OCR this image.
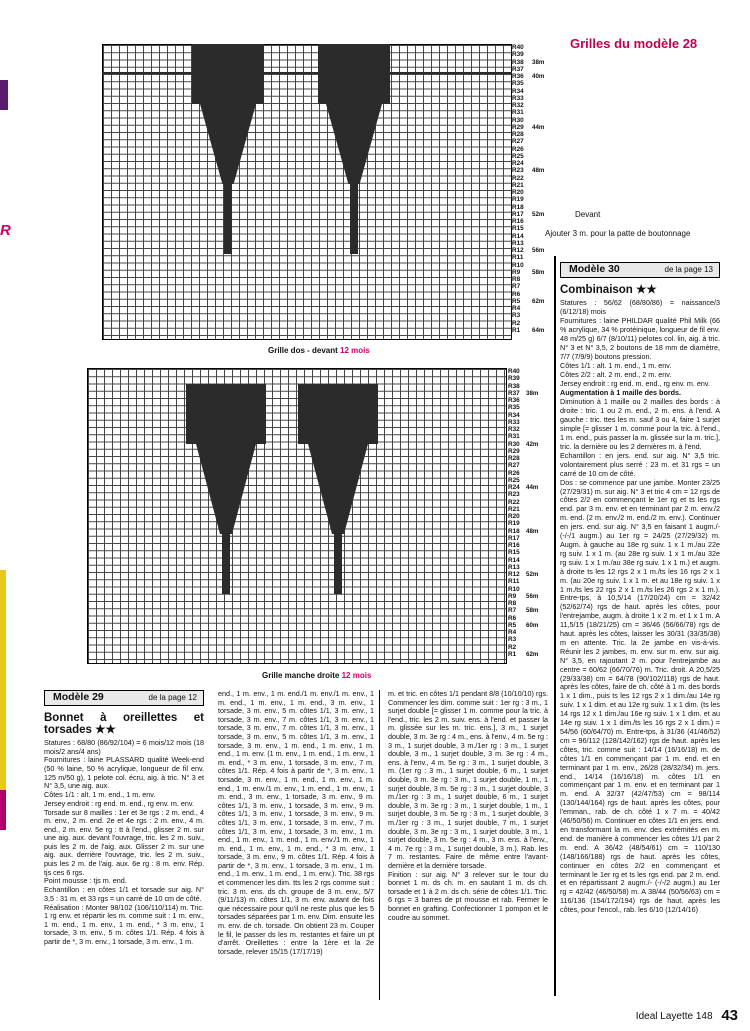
R
Grilles du modèle 28
R40
R39
R38
R37
R36
R35
R34
R33
R32
R31
R30
R29
R28
R27
R26
R25
R24
R23
R22
R21
R20
R19
R18
R17
R16
R15
R14
R13
R12
R11
R10
R9
R8
R7
R6
R5
R4
R3
R2
R1
38m
40m
44m
48m
52m
56m
58m
62m
64m
Devant
Ajouter 3 m. pour la patte de boutonnage
Grille dos - devant 12 mois
R40
R39
R38
R37
R36
R35
R34
R33
R32
R31
R30
R29
R28
R27
R26
R25
R24
R23
R22
R21
R20
R19
R18
R17
R16
R15
R14
R13
R12
R11
R10
R9
R8
R7
R6
R5
R4
R3
R2
R1
38m
42m
44m
48m
52m
56m
58m
60m
62m
Grille manche droite 12 mois
Modèle 29	de la page 12
Bonnet à oreillettes et torsades ★★

Statures : 68/80 (86/92/104) = 6 mois/12 mois (18 mois/2 ans/4 ans)

Fournitures : laine PLASSARD qualité Week-end (50 % laine, 50 % acrylique, longueur de fil env. 125 m/50 g), 1 pelote col. écru, aig. à tric. N° 3 et N° 3,5, une aig. aux.

Côtes 1/1 : alt. 1 m. end., 1 m. env.

Jersey endroit : rg end. m. end., rg env. m. env.

Torsade sur 8 mailles : 1er et 3e rgs : 2 m. end., 4 m. env., 2 m. end. 2e et 4e rgs : 2 m. env., 4 m. end., 2 m. env. 5e rg : tt à l'end., glisser 2 m. sur une aig. aux. devant l'ouvrage, tric. les 2 m. suiv., puis les 2 m. de l'aig. aux. Glisser 2 m. sur une aig. aux. derrière l'ouvrage, tric. les 2 m. suiv., puis les 2 m. de l'aig. aux. 6e rg : 8 m. env. Rép. tjs ces 6 rgs.

Point mousse : tjs m. end.

Echantillon : en côtes 1/1 et torsade sur aig. N° 3,5 : 31 m. et 33 rgs = un carré de 10 cm de côté.

Réalisation : Monter 98/102 (106/110/114) m. Tric. 1 rg env. et répartir les m. comme suit : 1 m. env., 1 m. end., 1 m. env., 1 m. end., * 3 m. env., 1 torsade, 3 m. env., 5 m. côtes 1/1. Rép. 4 fois à partir de *, 3 m. env., 1 torsade, 3 m. env., 1 m.

end., 1 m. env., 1 m. end./1 m. env./1 m. env., 1 m. end., 1 m. env., 1 m. end., 3 m. env., 1 torsade, 3 m. env., 5 m. côtes 1/1, 3 m. env., 1 torsade, 3 m. env., 7 m. côtes 1/1, 3 m. env., 1 torsade, 3 m. env., 7 m. côtes 1/1, 3 m. env., 1 torsade, 3 m. env., 5 m. côtes 1/1, 3 m. env., 1 torsade, 3 m. env., 1 m. end., 1 m. env., 1 m. end., 1 m. env. (1 m. env., 1 m. end., 1 m. env., 1 m. end., * 3 m. env., 1 torsade, 3 m. env., 7 m. côtes 1/1. Rép. 4 fois à partir de *, 3 m. env., 1 torsade, 3 m. env., 1 m. end., 1 m. env., 1 m. end., 1 m. env./1 m. env., 1 m. end., 1 m. env., 1 m. end., 3 m. env., 1 torsade, 3 m. env., 9 m. côtes 1/1, 3 m. env., 1 torsade, 3 m. env., 9 m. côtes 1/1, 3 m. env., 1 torsade, 3 m. env., 9 m. côtes 1/1, 3 m. env., 1 torsade, 3 m. env., 7 m. côtes 1/1, 3 m. env., 1 torsade, 3 m. env., 1 m. end., 1 m. env., 1 m. end., 1 m. env./1 m. env., 1 m. end., 1 m. env., 1 m. end., * 3 m. env., 1 torsade, 3 m. env., 9 m. côtes 1/1. Rép. 4 fois à partir de *, 3 m. env., 1 torsade, 3 m. env., 1 m. end., 1 m. env., 1 m. end., 1 m. env.). Tric. 38 rgs et commencer les dim. tts les 2 rgs comme suit : tric. 3 m. ens. ds ch. groupe de 3 m. env., 5/7 (9/11/13) m. côtes 1/1, 3 m. env. autant de fois que nécessaire pour qu'il ne reste plus que les 5 torsades séparées par 1 m. env. Dim. ensuite les m. env. de ch. torsade. On obtient 23 m. Couper le fil, le passer ds les m. restantes et faire un pt d'arrêt. Oreillettes : entre la 1ère et la 2e torsade, relever 15/15 (17/17/19)

m. et tric. en côtes 1/1 pendant 8/8 (10/10/10) rgs. Commencer les dim. comme suit : 1er rg : 3 m., 1 surjet double [= glisser 1 m. comme pour la tric. à l'end., tric. les 2 m. suiv. ens. à l'end. et passer la m. glissée sur les m. tric. ens.], 3 m., 1 surjet double, 3 m. 3e rg : 4 m., ens. à l'env., 4 m. 5e rg : 3 m., 1 surjet double, 3 m./1er rg : 3 m., 1 surjet double, 3 m., 1 surjet double, 3 m. 3e rg : 4 m., ens. à l'env., 4 m. 5e rg : 3 m., 1 surjet double, 3 m. (1er rg : 3 m., 1 surjet double, 6 m., 1 surjet double, 3 m. 3e rg : 3 m., 1 surjet double, 1 m., 1 surjet double, 3 m. 5e rg : 3 m., 1 surjet double, 3 m./1er rg : 3 m., 1 surjet double, 6 m., 1 surjet double, 3 m. 3e rg : 3 m., 1 surjet double, 1 m., 1 surjet double, 3 m. 5e rg : 3 m., 1 surjet double, 3 m./1er rg : 3 m., 1 surjet double, 7 m., 1 surjet double, 3 m. 3e rg : 3 m., 1 surjet double, 3 m., 1 surjet double, 3 m. 5e rg : 4 m., 3 m. ens. à l'env., 4 m. 7e rg : 3 m., 1 surjet double, 3 m.). Rab. les 7 m. restantes. Faire de même entre l'avant-dernière et la dernière torsade.

Finition : sur aig. N° 3 relever sur le tour du bonnet 1 m. ds ch. m. en sautant 1 m. ds ch. torsade et 1 à 2 m. ds ch. série de côtes 1/1. Tric. 6 rgs = 3 barres de pt mousse et rab. Fermer le bonnet en grafting. Confectionner 1 pompon et le coudre au sommet.

Modèle 30	de la page 13
Combinaison ★★

Statures : 56/62 (68/80/86) = naissance/3 (6/12/18) mois

Fournitures : laine PHILDAR qualité Phil Milk (66 % acrylique, 34 % protéinique, longueur de fil env. 48 m/25 g) 6/7 (8/10/11) pelotes col. lin, aig. à tric. N° 3 et N° 3,5, 2 boutons de 18 mm de diamètre, 7/7 (7/9/9) boutons pression.

Côtes 1/1 : alt. 1 m. end., 1 m. env.

Côtes 2/2 : alt. 2 m. end., 2 m. env.

Jersey endroit : rg end. m. end., rg env. m. env.

Augmentation à 1 maille des bords.

Diminution à 1 maille ou 2 mailles des bords : à droite : tric. 1 ou 2 m. end., 2 m. ens. à l'end. A gauche : tric. ttes les m. sauf 3 ou 4, faire 1 surjet simple [= glisser 1 m. comme pour la tric. à l'end., 1 m. end., puis passer la m. glissée sur la m. tric.], tric. la dernière ou les 2 dernières m. à l'end.

Echantillon : en jers. end. sur aig. N° 3,5 tric. volontairement plus serré : 23 m. et 31 rgs = un carré de 10 cm de côté.

Dos : se commence par une jambe. Monter 23/25 (27/29/31) m. sur aig. N° 3 et tric 4 cm = 12 rgs de côtes 2/2 en commençant le 1er rg et ts les rgs end. par 3 m. env. et en terminant par 2 m. env./2 m. end. (2 m. env./2 m. end./2 m. env.). Continuer en jers. end. sur aig. N° 3,5 en faisant 1 augm./- (-/-/1 augm.) au 1er rg = 24/25 (27/29/32) m. Augm. à gauche au 18e rg suiv. 1 x 1 m./au 22e rg suiv. 1 x 1 m. (au 28e rg suiv. 1 x 1 m./au 32e rg suiv. 1 x 1 m./au 38e rg suiv. 1 x 1 m.) et augm. à droite ts les 12 rgs 2 x 1 m./ts les 16 rgs 2 x 1 m. (au 20e rg suiv. 1 x 1 m. et au 18e rg suiv. 1 x 1 m./ts les 22 rgs 2 x 1 m./ts les 26 rgs 2 x 1 m.). Entre-tps, à 10,5/14 (17/20/24) cm = 32/42 (52/62/74) rgs de haut. après les côtes, pour l'entrejambe, augm. à droite 1 x 2 m. et 1 x 1 m. A 11,5/15 (18/21/25) cm = 36/46 (56/66/78) rgs de haut. après les côtes, laisser les 30/31 (33/35/38) m en attente. Tric. la 2e jambe en vis-à-vis. Réunir les 2 jambes, m. env. sur m. env. sur aig. N° 3,5, en rajoutant 2 m. pour l'entrejambe au centre = 60/62 (66/70/76) m. Tric. droit. A 20,5/25 (29/33/38) cm = 64/78 (90/102/118) rgs de haut. après les côtes, faire de ch. côté à 1 m. des bords 1 x 1 dim., puis ts les 12 rgs 2 x 1 dim./au 14e rg suiv. 1 x 1 dim. et au 12e rg suiv. 1 x 1 dim. (ts les 14 rgs 12 x 1 dim./au 16e rg suiv. 1 x 1 dim. et au 14e rg suiv. 1 x 1 dim./ts les 16 rgs 2 x 1 dim.) = 54/56 (60/64/70) m. Entre-tps, à 31/36 (41/46/52) cm = 96/112 (128/142/162) rgs de haut. après les côtes, tric. comme suit : 14/14 (16/16/18) m. de côtes 1/1 en commençant par 1 m. end. et en terminant par 1 m. env., 26/28 (28/32/34) m. jers. end., 14/14 (16/16/18) m. côtes 1/1 en commençant par 1 m. env. et en terminant par 1 m. end. A 32/37 (42/47/53) cm = 98/114 (130/144/164) rgs de haut. après les côtes, pour l'emman., rab. de ch. côté 1 x 7 m. = 40/42 (46/50/56) m. Continuer en côtes 1/1 en jers. end. en transformant la m. env. des extrémités en m. end. de manière à commencer les côtes 1/1 par 2 m. end. A 36/42 (48/54/61) cm = 110/130 (148/166/188) rgs de haut. après les côtes, continuer en côtes 2/2 en commençant et terminant le 1er rg et ts les rgs end. par 2 m. end. et en répartissant 2 augm./- (-/-/2 augm.) au 1er rg = 42/42 (46/50/58) m. A 38/44 (50/56/63) cm = 116/136 (154/172/194) rgs de haut. après les côtes, pour l'encol., rab. les 6/10 (12/14/16)

Ideal Layette 148 43
